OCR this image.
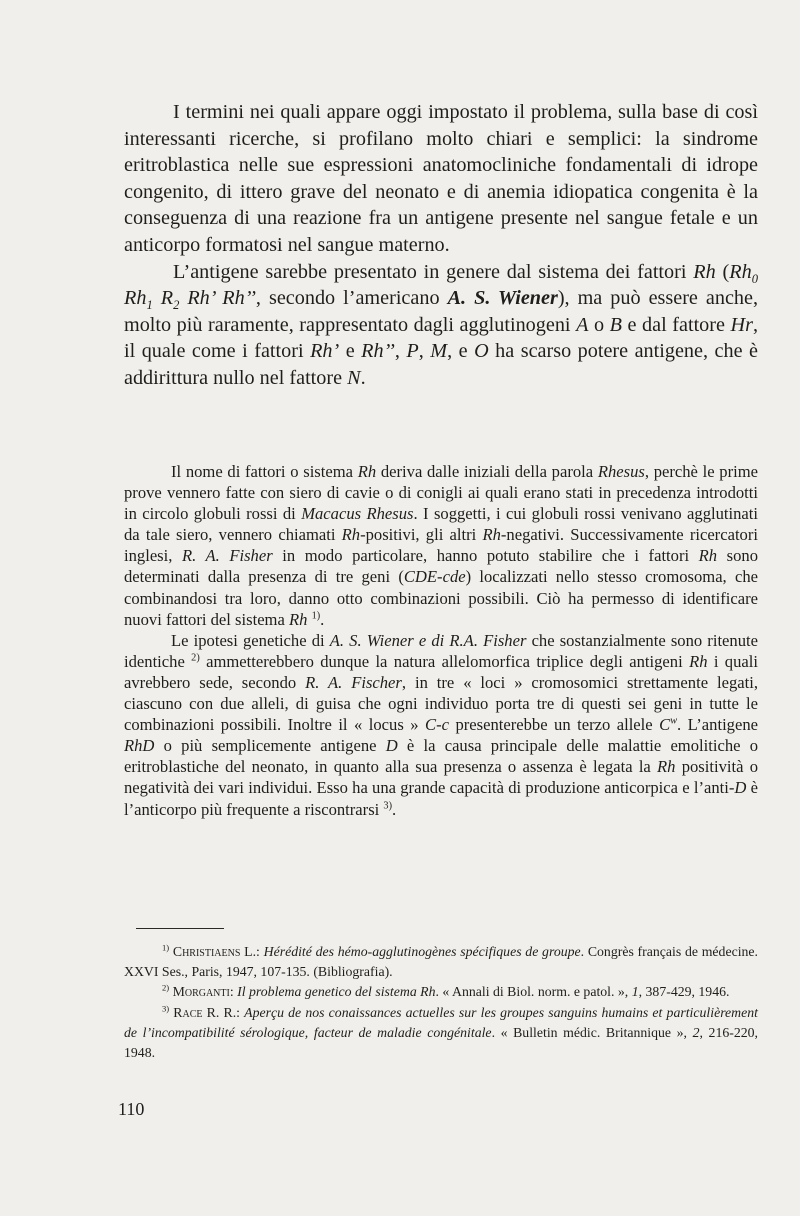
I termini nei quali appare oggi impostato il problema, sulla base di così interessanti ricerche, si profilano molto chiari e semplici: la sindrome eritroblastica nelle sue espressioni anatomocliniche fondamentali di idrope congenito, di ittero grave del neonato e di anemia idiopatica congenita è la conseguenza di una reazione fra un antigene presente nel sangue fetale e un anticorpo formatosi nel sangue materno.

L’antigene sarebbe presentato in genere dal sistema dei fattori Rh ($Rh_0$ $Rh_1$ $R_2$ Rh’ Rh’’, secondo l’americano A. S. Wiener), ma può essere anche, molto più raramente, rappresentato dagli agglutinogeni A o B e dal fattore Hr, il quale come i fattori Rh’ e Rh’’, P, M, e O ha scarso potere antigene, che è addirittura nullo nel fattore N.

Il nome di fattori o sistema Rh deriva dalle iniziali della parola Rhesus, perchè le prime prove vennero fatte con siero di cavie o di conigli ai quali erano stati in precedenza introdotti in circolo globuli rossi di Macacus Rhesus. I soggetti, i cui globuli rossi venivano agglutinati da tale siero, vennero chiamati Rh-positivi, gli altri Rh-negativi. Successivamente ricercatori inglesi, R. A. Fisher in modo particolare, hanno potuto stabilire che i fattori Rh sono determinati dalla presenza di tre geni (CDE-cde) localizzati nello stesso cromosoma, che combinandosi tra loro, danno otto combinazioni possibili. Ciò ha permesso di identificare nuovi fattori del sistema Rh $^{1)}$.

Le ipotesi genetiche di A. S. Wiener e di R.A. Fisher che sostanzialmente sono ritenute identiche $^{2)}$ ammetterebbero dunque la natura allelomorfica triplice degli antigeni Rh i quali avrebbero sede, secondo R. A. Fischer, in tre « loci » cromosomici strettamente legati, ciascuno con due alleli, di guisa che ogni individuo porta tre di questi sei geni in tutte le combinazioni possibili. Inoltre il « locus » C-c presenterebbe un terzo allele $C^w$. L’antigene RhD o più semplicemente antigene D è la causa principale delle malattie emolitiche o eritroblastiche del neonato, in quanto alla sua presenza o assenza è legata la Rh positività o negatività dei vari individui. Esso ha una grande capacità di produzione anticorpica e l’anti-D è l’anticorpo più frequente a riscontrarsi $^{3)}$.

$^{1)}$ Christiaens L.: Hérédité des hémo-agglutinogènes spécifiques de groupe. Congrès français de médecine. XXVI Ses., Paris, 1947, 107-135. (Bibliografia).

$^{2)}$ Morganti: Il problema genetico del sistema Rh. « Annali di Biol. norm. e patol. », 1, 387-429, 1946.

$^{3)}$ Race R. R.: Aperçu de nos conaissances actuelles sur les groupes sanguins humains et particulièrement de l’incompatibilité sérologique, facteur de maladie congénitale. « Bulletin médic. Britannique », 2, 216-220, 1948.

110
